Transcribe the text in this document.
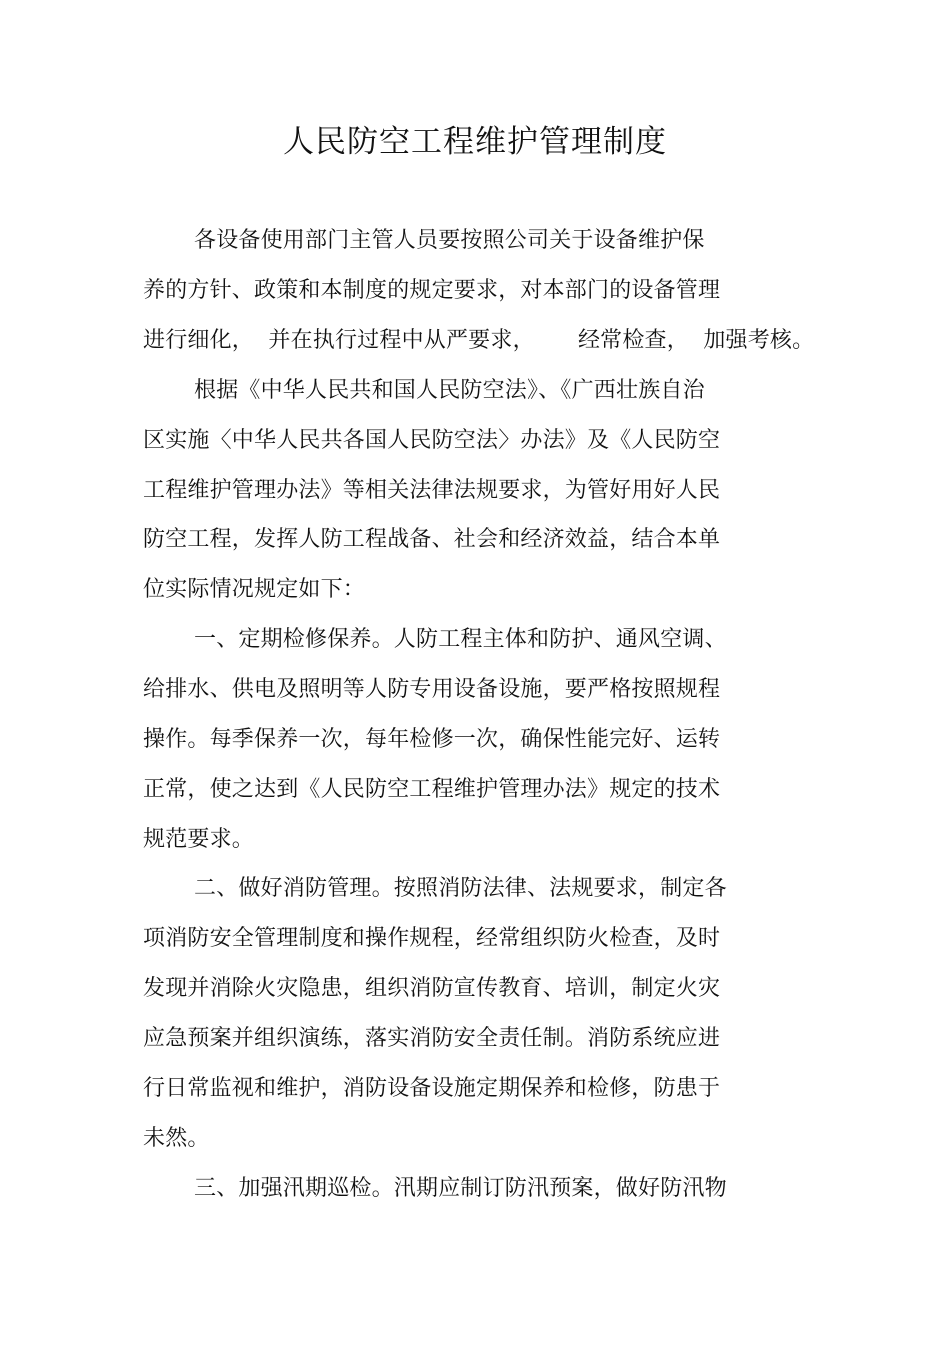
人民防空工程维护管理制度
各设备使用部门主管人员要按照公司关于设备维护保
养的方针、政策和本制度的规定要求，对本部门的设备管理
进行细化，  并在执行过程中从严要求，      经常检查，  加强考核。
根据《中华人民共和国人民防空法》、《广西壮族自治
区实施〈中华人民共各国人民防空法〉办法》及《人民防空
工程维护管理办法》等相关法律法规要求，为管好用好人民
防空工程，发挥人防工程战备、社会和经济效益，结合本单
位实际情况规定如下：
一、定期检修保养。人防工程主体和防护、通风空调、
给排水、供电及照明等人防专用设备设施，要严格按照规程
操作。每季保养一次，每年检修一次，确保性能完好、运转
正常，使之达到《人民防空工程维护管理办法》规定的技术
规范要求。
二、做好消防管理。按照消防法律、法规要求，制定各
项消防安全管理制度和操作规程，经常组织防火检查，及时
发现并消除火灾隐患，组织消防宣传教育、培训，制定火灾
应急预案并组织演练，落实消防安全责任制。消防系统应进
行日常监视和维护，消防设备设施定期保养和检修，防患于
未然。
三、加强汛期巡检。汛期应制订防汛预案，做好防汛物
